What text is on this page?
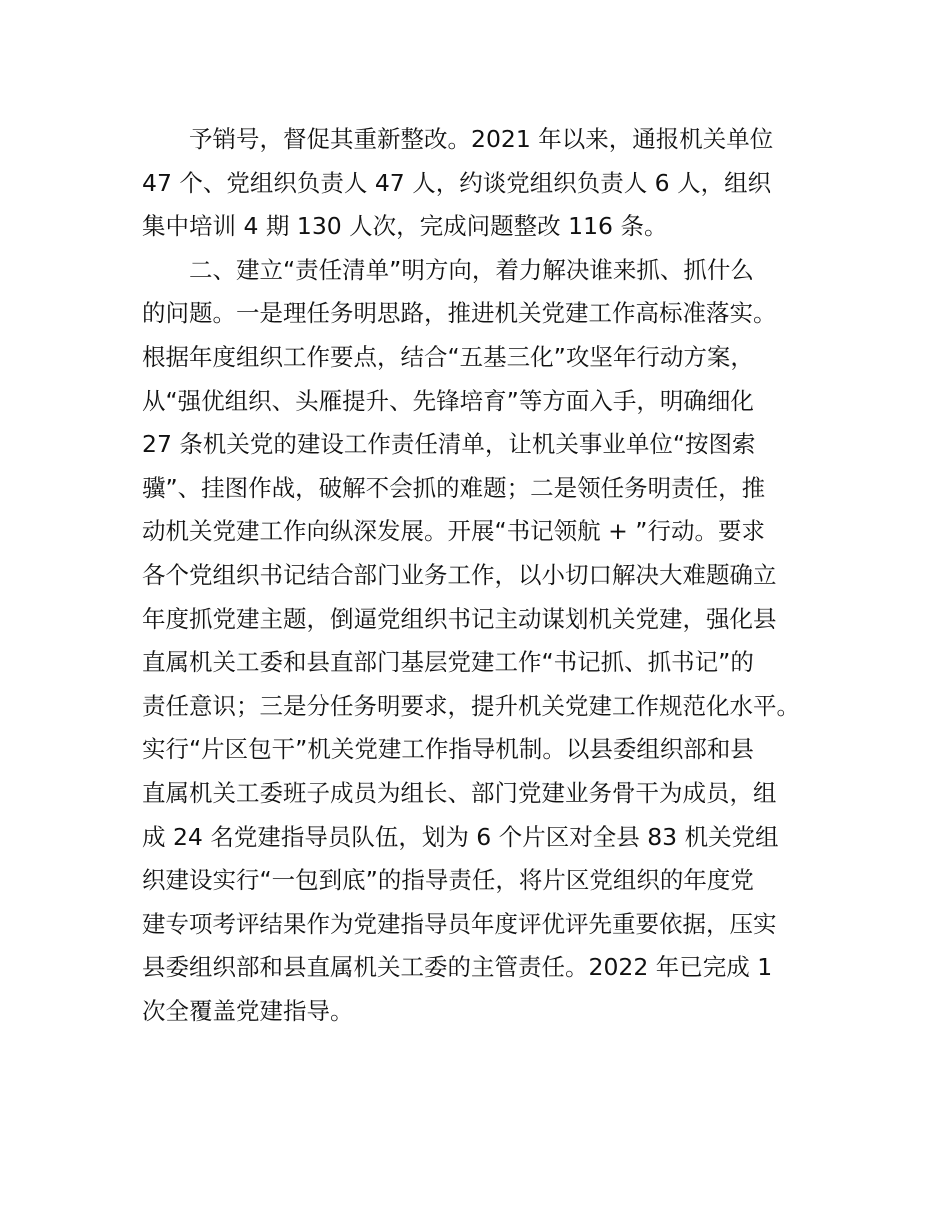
予销号，督促其重新整改。2021 年以来，通报机关单位
47 个、党组织负责人 47 人，约谈党组织负责人 6 人，组织
集中培训 4 期 130 人次，完成问题整改 116 条。
二、建立“责任清单”明方向，着力解决谁来抓、抓什么
的问题。一是理任务明思路，推进机关党建工作高标准落实。
根据年度组织工作要点，结合“五基三化”攻坚年行动方案，
从“强优组织、头雁提升、先锋培育”等方面入手，明确细化
27 条机关党的建设工作责任清单，让机关事业单位“按图索
骥”、挂图作战，破解不会抓的难题；二是领任务明责任，推
动机关党建工作向纵深发展。开展“书记领航 + ”行动。要求
各个党组织书记结合部门业务工作，以小切口解决大难题确立
年度抓党建主题，倒逼党组织书记主动谋划机关党建，强化县
直属机关工委和县直部门基层党建工作“书记抓、抓书记”的
责任意识；三是分任务明要求，提升机关党建工作规范化水平。
实行“片区包干”机关党建工作指导机制。以县委组织部和县
直属机关工委班子成员为组长、部门党建业务骨干为成员，组
成 24 名党建指导员队伍，划为 6 个片区对全县 83 机关党组
织建设实行“一包到底”的指导责任，将片区党组织的年度党
建专项考评结果作为党建指导员年度评优评先重要依据，压实
县委组织部和县直属机关工委的主管责任。2022 年已完成 1
次全覆盖党建指导。
